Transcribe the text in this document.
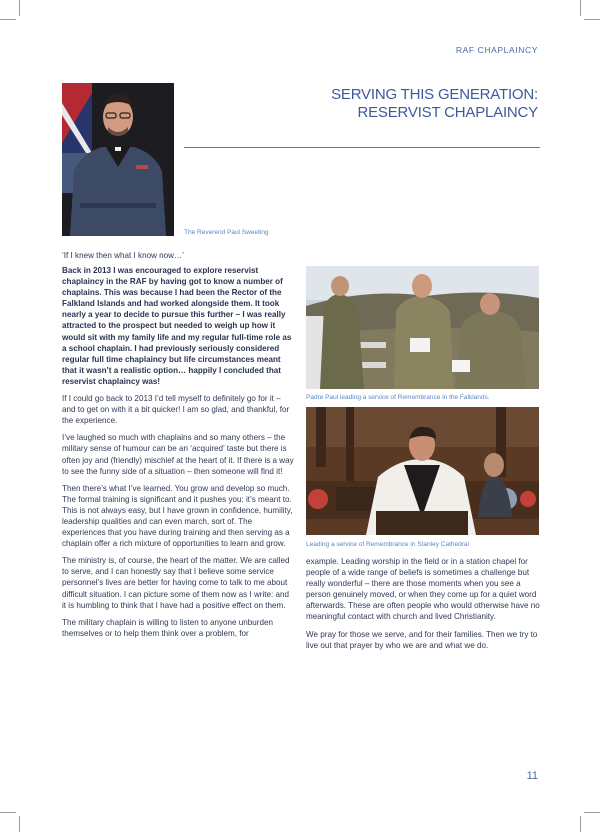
RAF CHAPLAINCY
SERVING THIS GENERATION:
RESERVIST CHAPLAINCY
The Reverend Paul Sweeting
‘If I knew then what I know now…’

Back in 2013 I was encouraged to explore reservist chaplaincy in the RAF by having got to know a number of chaplains. This was because I had been the Rector of the Falkland Islands and had worked alongside them. It took nearly a year to decide to pursue this further – I was really attracted to the prospect but needed to weigh up how it would sit with my family life and my regular full-time role as a school chaplain. I had previously seriously considered regular full time chaplaincy but life circumstances meant that it wasn’t a realistic option… happily I concluded that reservist chaplaincy was!

If I could go back to 2013 I’d tell myself to definitely go for it – and to get on with it a bit quicker! I am so glad, and thankful, for the experience.

I’ve laughed so much with chaplains and so many others – the military sense of humour can be an ‘acquired’ taste but there is often joy and (friendly) mischief at the heart of it. If there is a way to see the funny side of a situation – then someone will find it!

Then there’s what I’ve learned. You grow and develop so much. The formal training is significant and it pushes you: it’s meant to. This is not always easy, but I have grown in confidence, humility, leadership qualities and can even march, sort of. The experiences that you have during training and then serving as a chaplain offer a rich mixture of opportunities to learn and grow.

The ministry is, of course, the heart of the matter. We are called to serve, and I can honestly say that I believe some service personnel’s lives are better for having come to talk to me about difficult situation. I can picture some of them now as I write: and it is humbling to think that I have had a positive effect on them.

The military chaplain is willing to listen to anyone unburden themselves or to help them think over a problem, for

Padre Paul leading a service of Remembrance in the Falklands.
Leading a service of Remembrance in Stanley Cathedral

example. Leading worship in the field or in a station chapel for people of a wide range of beliefs is sometimes a challenge but really wonderful – there are those moments when you see a person genuinely moved, or when they come up for a quiet word afterwards. These are often people who would otherwise have no meaningful contact with church and lived Christianity.

We pray for those we serve, and for their families. Then we try to live out that prayer by who we are and what we do.

11
